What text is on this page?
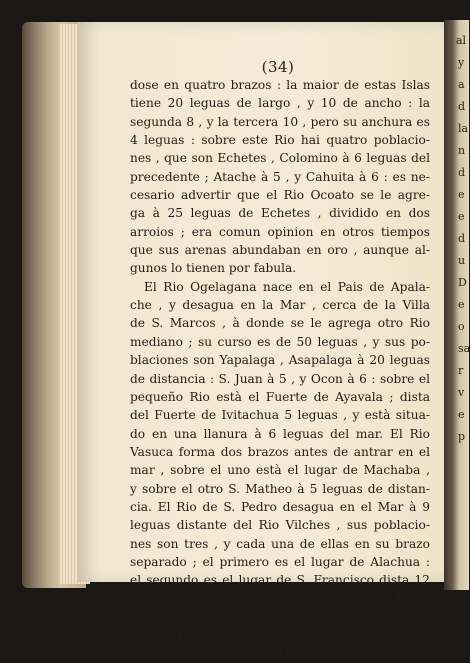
al y a d la n d e e d u D e o sa r v e p
(34)
dose en quatro brazos : la maior de estas Islas
tiene 20 leguas de largo , y 10 de ancho : la
segunda 8 , y la tercera 10 , pero su anchura es
4 leguas : sobre este Rio hai quatro poblacio-
nes , que son Echetes , Colomino à 6 leguas del
precedente ; Atache à 5 , y Cahuita à 6 : es ne-
cesario advertir que el Rio Ocoato se le agre-
ga à 25 leguas de Echetes , dividido en dos
arroios ; era comun opinion en otros tiempos
que sus arenas abundaban en oro , aunque al-
gunos lo tienen por fabula.
El Rio Ogelagana nace en el Pais de Apala-
che , y desagua en la Mar , cerca de la Villa
de S. Marcos , à donde se le agrega otro Rio
mediano ; su curso es de 50 leguas , y sus po-
blaciones son Yapalaga , Asapalaga à 20 leguas
de distancia : S. Juan à 5 , y Ocon à 6 : sobre el
pequeño Rio està el Fuerte de Ayavala ; dista
del Fuerte de Ivitachua 5 leguas , y està situa-
do en una llanura à 6 leguas del mar. El Rio
Vasuca forma dos brazos antes de antrar en el
mar , sobre el uno està el lugar de Machaba ,
y sobre el otro S. Matheo à 5 leguas de distan-
cia. El Rio de S. Pedro desagua en el Mar à 9
leguas distante del Rio Vilches , sus poblacio-
nes son tres , y cada una de ellas en su brazo
separado ; el primero es el lugar de Alachua :
el segundo es el lugar de S. Francisco dista 12
leguas del precedente , y el tercero el lugar
de S. Pedro à 8 leguas : el lugar de Yvitanoa
dista 14 leguas de Alachua , aunque los Ho-
landeses no ponen sino 10.
